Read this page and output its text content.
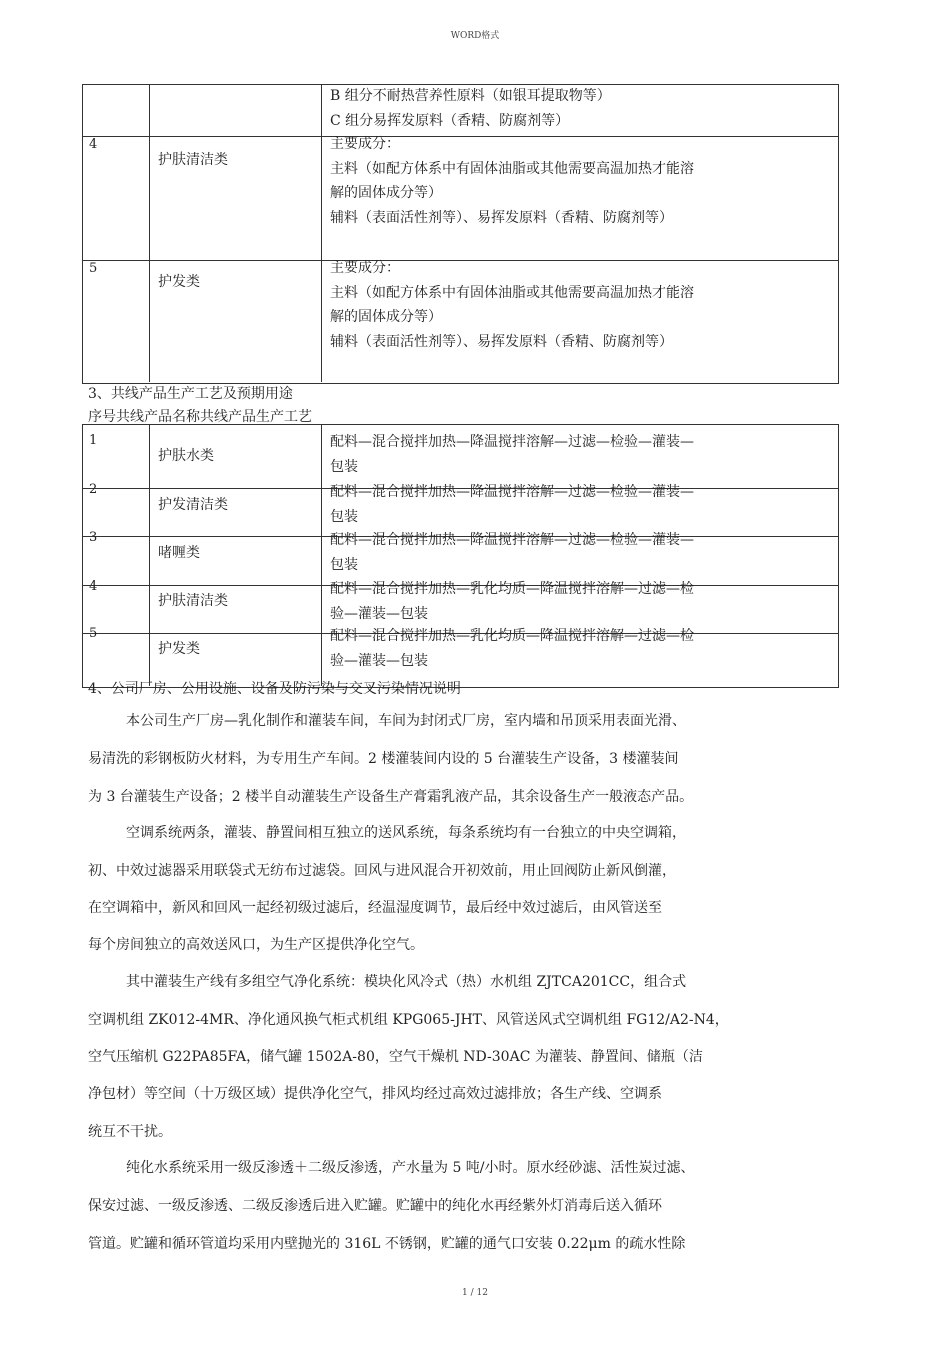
WORD格式
B 组分不耐热营养性原料（如银耳提取物等）
C 组分易挥发原料（香精、防腐剂等）
4
护肤清洁类
主要成分：
主料（如配方体系中有固体油脂或其他需要高温加热才能溶
解的固体成分等）
辅料（表面活性剂等）、易挥发原料（香精、防腐剂等）
5
护发类
主要成分：
主料（如配方体系中有固体油脂或其他需要高温加热才能溶
解的固体成分等）
辅料（表面活性剂等）、易挥发原料（香精、防腐剂等）
3、共线产品生产工艺及预期用途
序号共线产品名称共线产品生产工艺
1
护肤水类
配料—混合搅拌加热—降温搅拌溶解—过滤—检验—灌装—
包装
2
护发清洁类
配料—混合搅拌加热—降温搅拌溶解—过滤—检验—灌装—
包装
3
啫喱类
配料—混合搅拌加热—降温搅拌溶解—过滤—检验—灌装—
包装
4
护肤清洁类
配料—混合搅拌加热—乳化均质—降温搅拌溶解—过滤—检
验—灌装—包装
5
护发类
配料—混合搅拌加热—乳化均质—降温搅拌溶解—过滤—检
验—灌装—包装
4、公司厂房、公用设施、设备及防污染与交叉污染情况说明
本公司生产厂房—乳化制作和灌装车间，车间为封闭式厂房，室内墙和吊顶采用表面光滑、
易清洗的彩钢板防火材料，为专用生产车间。2 楼灌装间内设的 5 台灌装生产设备，3 楼灌装间
为 3 台灌装生产设备；2 楼半自动灌装生产设备生产膏霜乳液产品，其余设备生产一般液态产品。
空调系统两条，灌装、静置间相互独立的送风系统，每条系统均有一台独立的中央空调箱，
初、中效过滤器采用联袋式无纺布过滤袋。回风与进风混合开初效前，用止回阀防止新风倒灌，
在空调箱中，新风和回风一起经初级过滤后，经温湿度调节，最后经中效过滤后，由风管送至
每个房间独立的高效送风口，为生产区提供净化空气。
其中灌装生产线有多组空气净化系统：模块化风冷式（热）水机组 ZJTCA201CC，组合式
空调机组 ZK012-4MR、净化通风换气柜式机组 KPG065-JHT、风管送风式空调机组 FG12/A2-N4，
空气压缩机 G22PA85FA，储气罐 1502A-80，空气干燥机 ND-30AC 为灌装、静置间、储瓶（洁
净包材）等空间（十万级区域）提供净化空气，排风均经过高效过滤排放；各生产线、空调系
统互不干扰。
纯化水系统采用一级反渗透＋二级反渗透，产水量为 5 吨/小时。原水经砂滤、活性炭过滤、
保安过滤、一级反渗透、二级反渗透后进入贮罐。贮罐中的纯化水再经紫外灯消毒后送入循环
管道。贮罐和循环管道均采用内壁抛光的 316L 不锈钢，贮罐的通气口安装 0.22μm 的疏水性除
1 / 12
